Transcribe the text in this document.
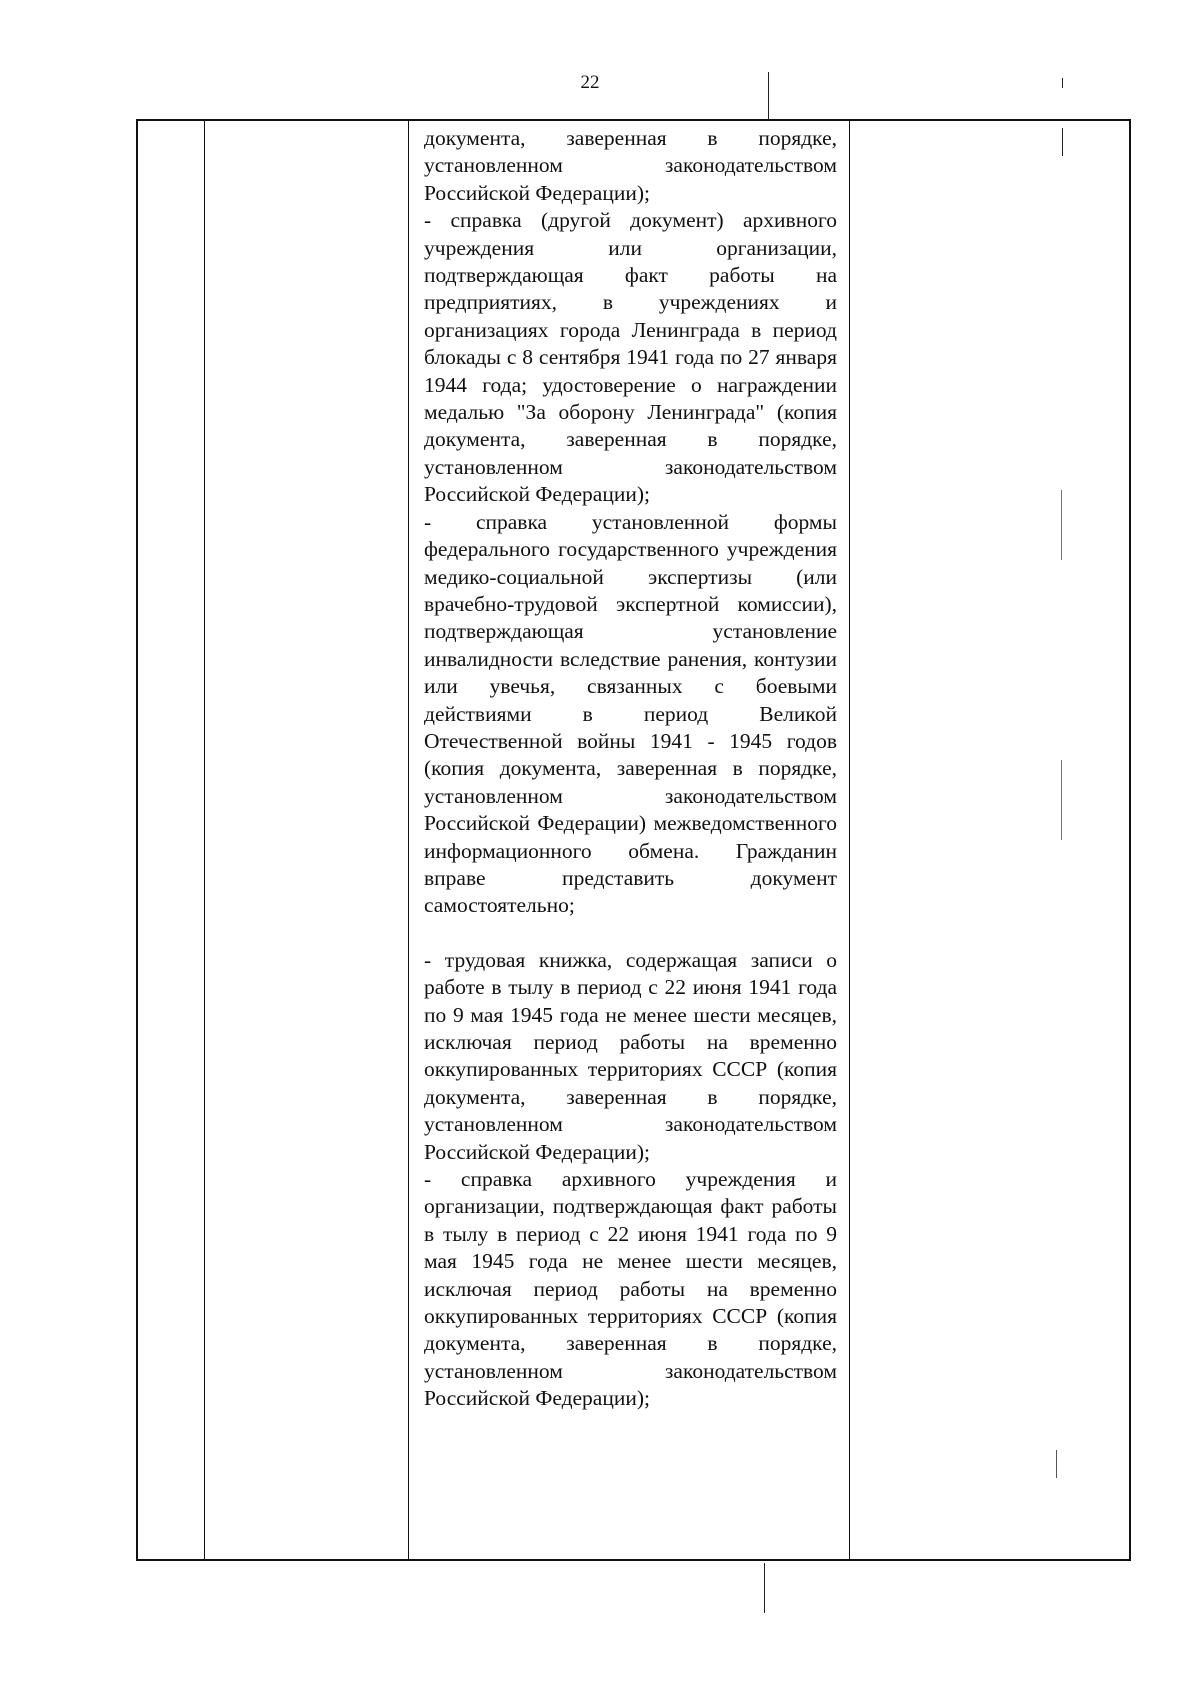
22

документа, заверенная в порядке, установленном законодательством Российской Федерации);

- справка (другой документ) архивного учреждения или организации, подтверждающая факт работы на предприятиях, в учреждениях и организациях города Ленинграда в период блокады с 8 сентября 1941 года по 27 января 1944 года; удостоверение о награждении медалью "За оборону Ленинграда" (копия документа, заверенная в порядке, установленном законодательством Российской Федерации);

- справка установленной формы федерального государственного учреждения медико-социальной экспертизы (или врачебно-трудовой экспертной комиссии), подтверждающая установление инвалидности вследствие ранения, контузии или увечья, связанных с боевыми действиями в период Великой Отечественной войны 1941 - 1945 годов (копия документа, заверенная в порядке, установленном законодательством Российской Федерации) межведомственного информационного обмена. Гражданин вправе представить документ самостоятельно;

- трудовая книжка, содержащая записи о работе в тылу в период с 22 июня 1941 года по 9 мая 1945 года не менее шести месяцев, исключая период работы на временно оккупированных территориях СССР (копия документа, заверенная в порядке, установленном законодательством Российской Федерации);

- справка архивного учреждения и организации, подтверждающая факт работы в тылу в период с 22 июня 1941 года по 9 мая 1945 года не менее шести месяцев, исключая период работы на временно оккупированных территориях СССР (копия документа, заверенная в порядке, установленном законодательством Российской Федерации);
